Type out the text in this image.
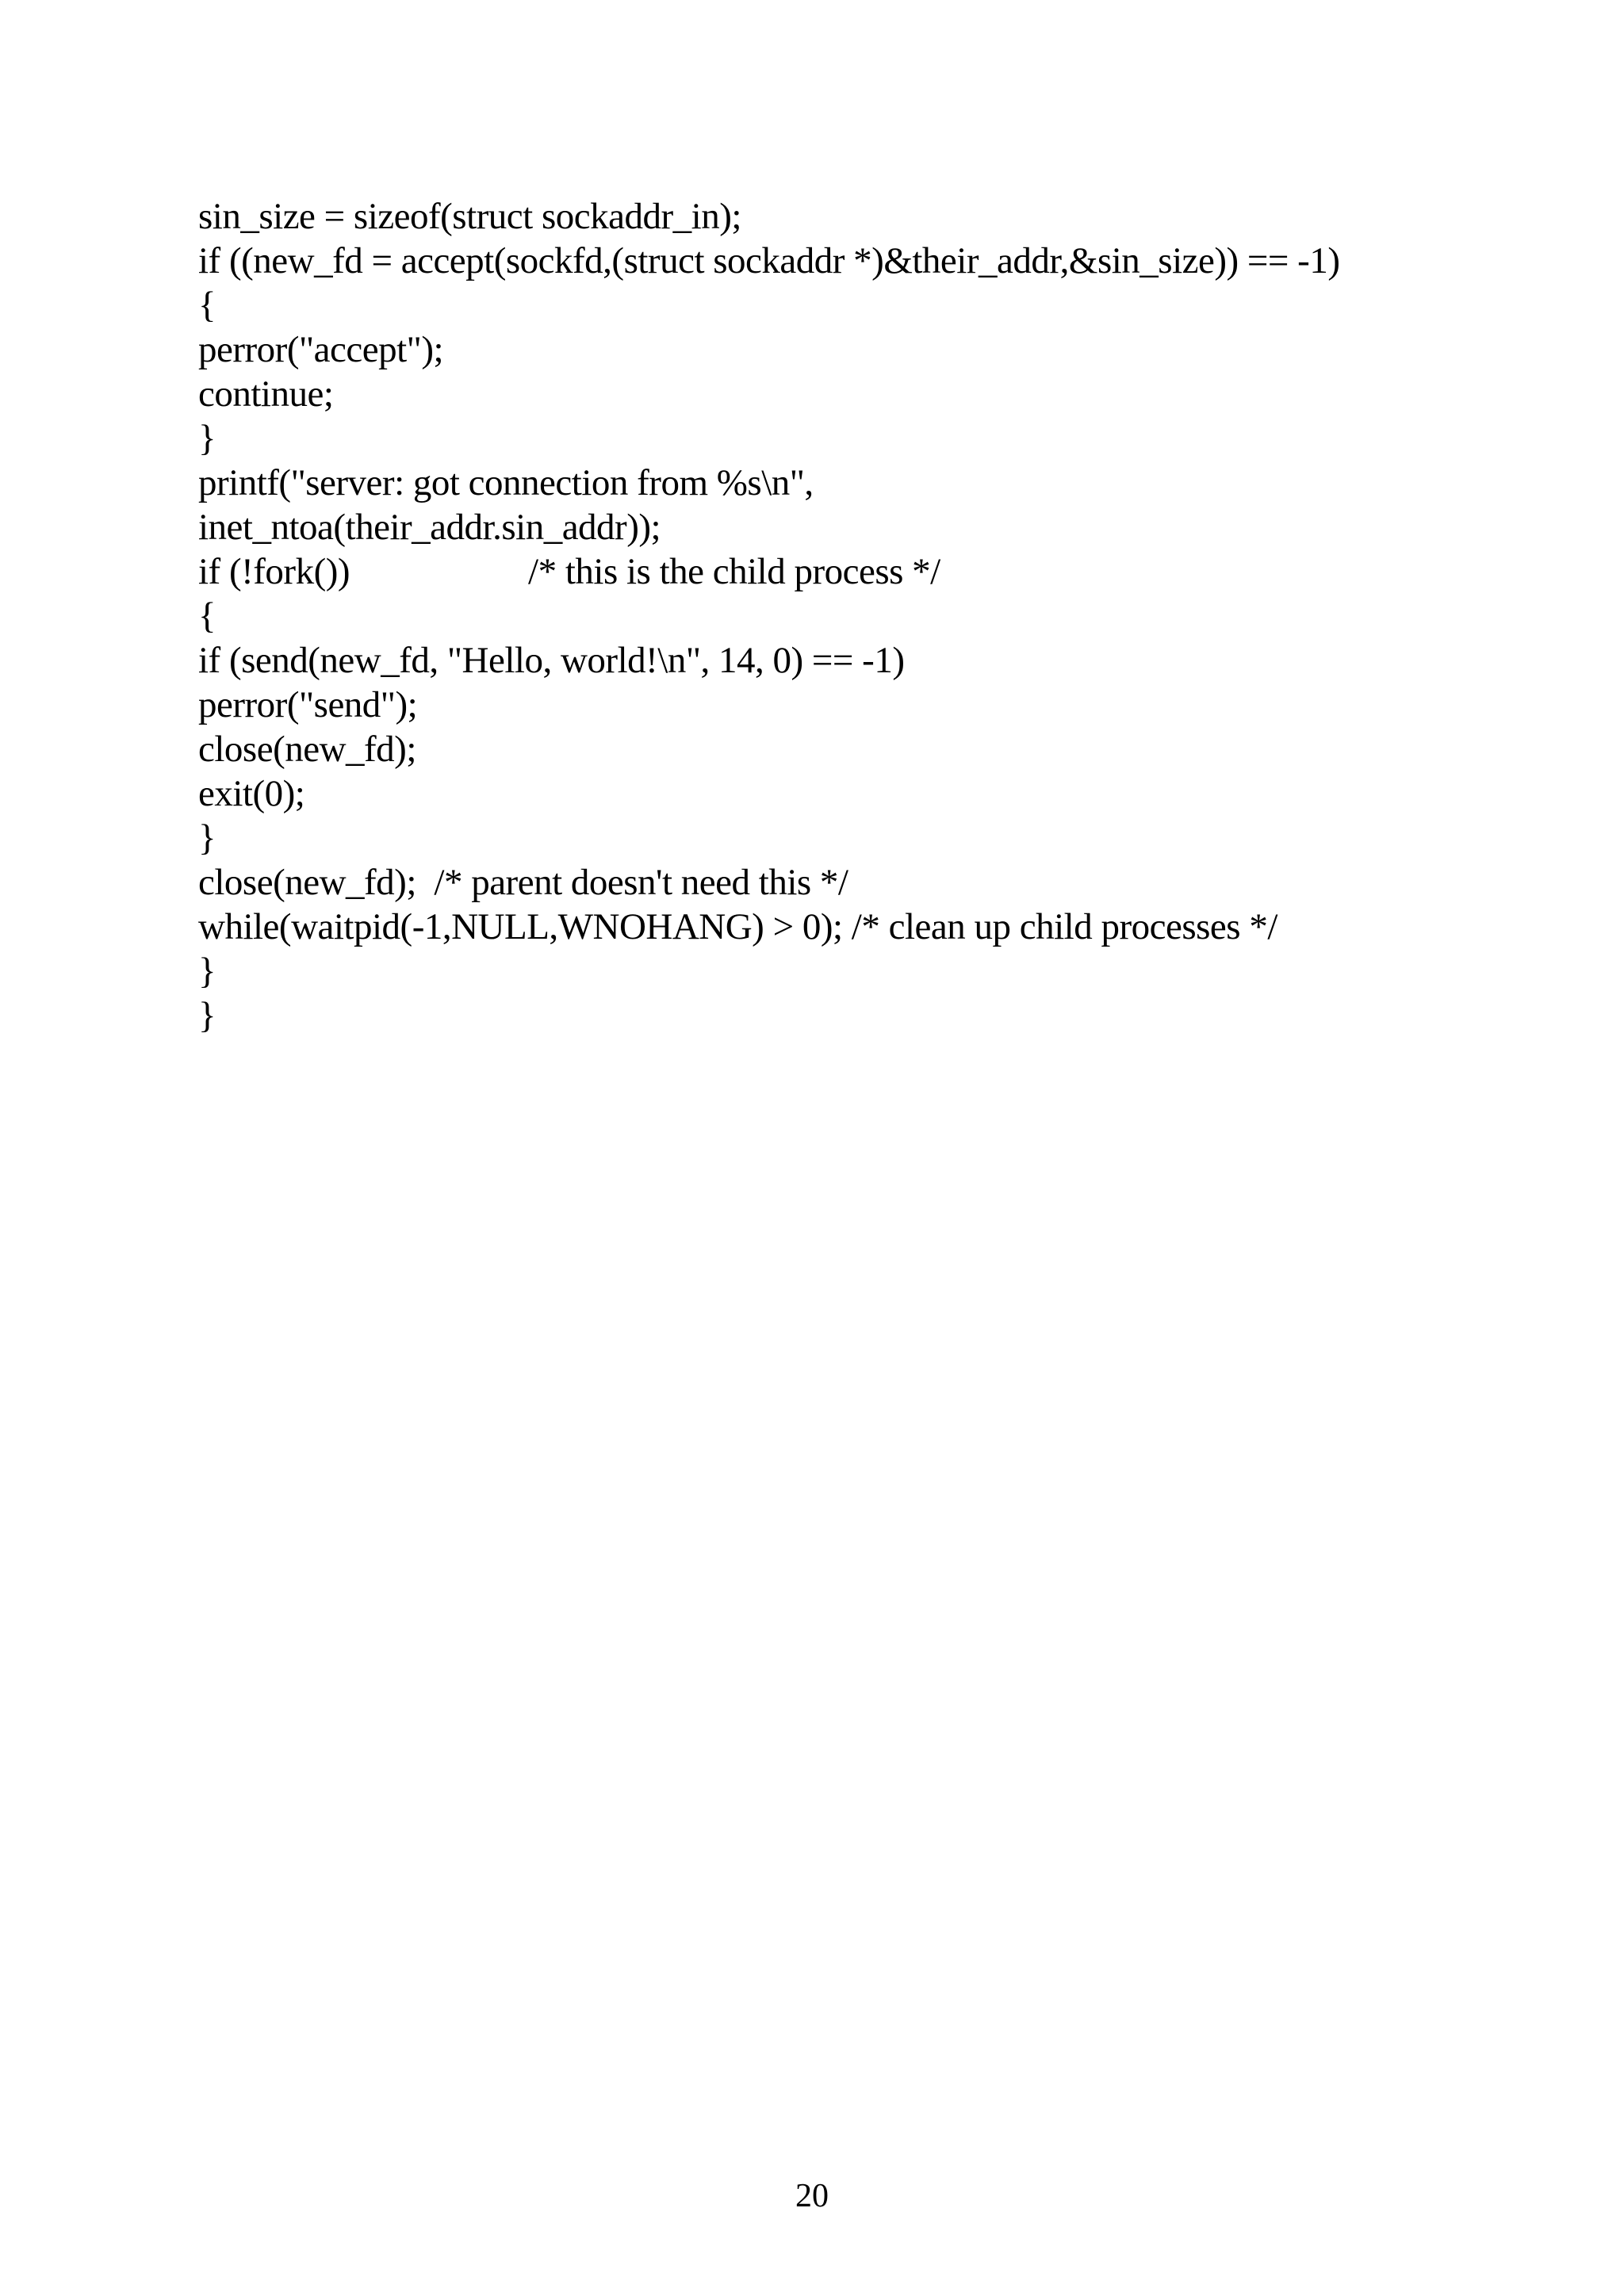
sin_size = sizeof(struct sockaddr_in);
if ((new_fd = accept(sockfd,(struct sockaddr *)&their_addr,&sin_size)) == -1)
{
perror("accept");
continue;
}
printf("server: got connection from %s\n",
inet_ntoa(their_addr.sin_addr));
if (!fork())                    /* this is the child process */
{
if (send(new_fd, "Hello, world!\n", 14, 0) == -1)
perror("send");
close(new_fd);
exit(0);
}
close(new_fd);  /* parent doesn't need this */
while(waitpid(-1,NULL,WNOHANG) > 0); /* clean up child processes */
}
}
20
